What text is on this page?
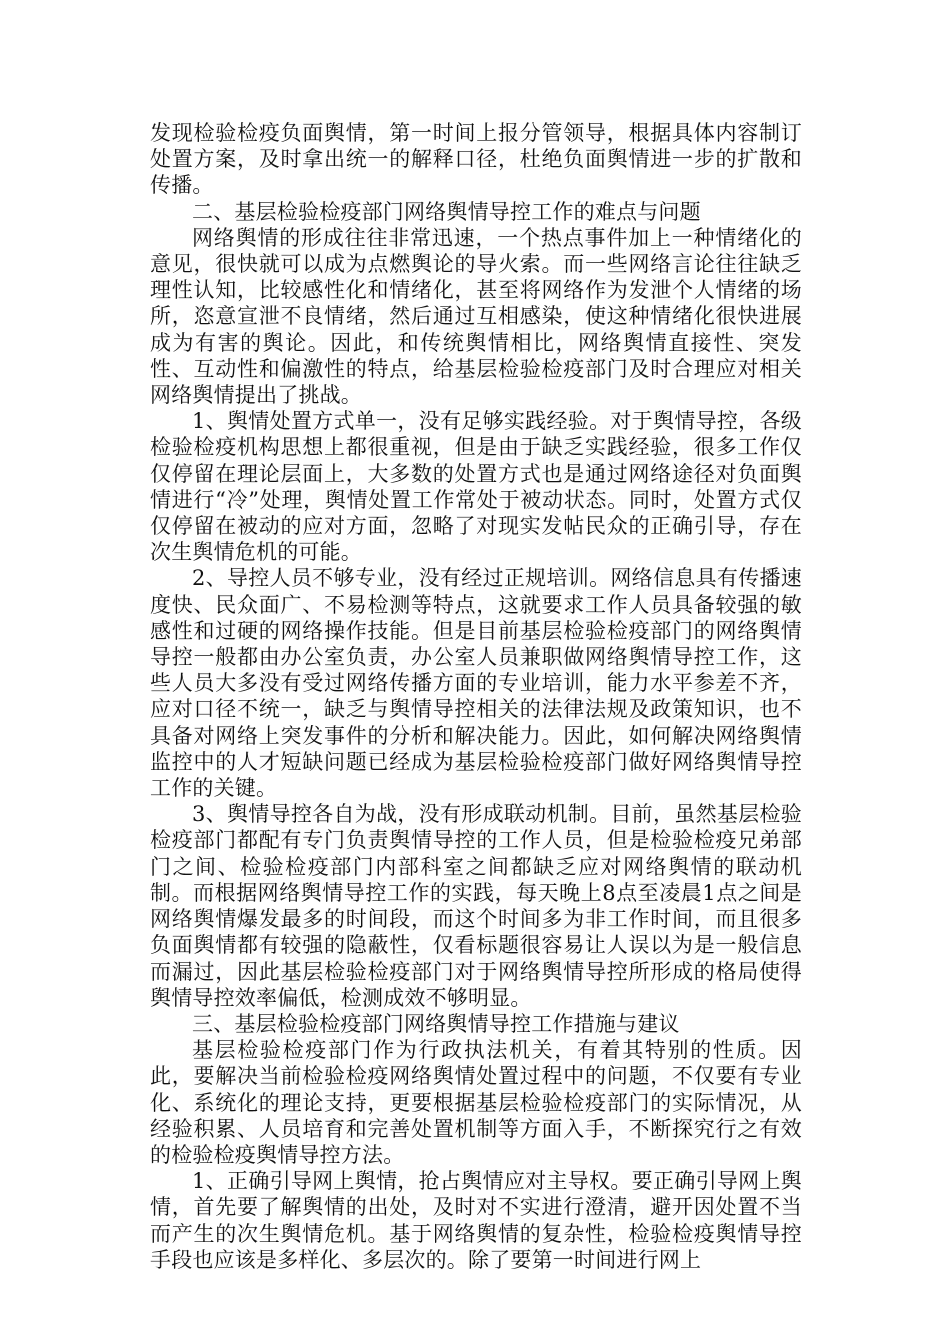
发现检验检疫负面舆情，第一时间上报分管领导，根据具体内容制订处置方案，及时拿出统一的解释口径，杜绝负面舆情进一步的扩散和传播。

二、基层检验检疫部门网络舆情导控工作的难点与问题

网络舆情的形成往往非常迅速，一个热点事件加上一种情绪化的意见，很快就可以成为点燃舆论的导火索。而一些网络言论往往缺乏理性认知，比较感性化和情绪化，甚至将网络作为发泄个人情绪的场所，恣意宣泄不良情绪，然后通过互相感染，使这种情绪化很快进展成为有害的舆论。因此，和传统舆情相比，网络舆情直接性、突发性、互动性和偏激性的特点，给基层检验检疫部门及时合理应对相关网络舆情提出了挑战。

1、舆情处置方式单一，没有足够实践经验。对于舆情导控，各级检验检疫机构思想上都很重视，但是由于缺乏实践经验，很多工作仅仅停留在理论层面上，大多数的处置方式也是通过网络途径对负面舆情进行“冷”处理，舆情处置工作常处于被动状态。同时，处置方式仅仅停留在被动的应对方面，忽略了对现实发帖民众的正确引导，存在次生舆情危机的可能。

2、导控人员不够专业，没有经过正规培训。网络信息具有传播速度快、民众面广、不易检测等特点，这就要求工作人员具备较强的敏感性和过硬的网络操作技能。但是目前基层检验检疫部门的网络舆情导控一般都由办公室负责，办公室人员兼职做网络舆情导控工作，这些人员大多没有受过网络传播方面的专业培训，能力水平参差不齐，应对口径不统一，缺乏与舆情导控相关的法律法规及政策知识，也不具备对网络上突发事件的分析和解决能力。因此，如何解决网络舆情监控中的人才短缺问题已经成为基层检验检疫部门做好网络舆情导控工作的关键。

3、舆情导控各自为战，没有形成联动机制。目前，虽然基层检验检疫部门都配有专门负责舆情导控的工作人员，但是检验检疫兄弟部门之间、检验检疫部门内部科室之间都缺乏应对网络舆情的联动机制。而根据网络舆情导控工作的实践，每天晚上8点至凌晨1点之间是网络舆情爆发最多的时间段，而这个时间多为非工作时间，而且很多负面舆情都有较强的隐蔽性，仅看标题很容易让人误以为是一般信息而漏过，因此基层检验检疫部门对于网络舆情导控所形成的格局使得舆情导控效率偏低，检测成效不够明显。

三、基层检验检疫部门网络舆情导控工作措施与建议

基层检验检疫部门作为行政执法机关，有着其特别的性质。因此，要解决当前检验检疫网络舆情处置过程中的问题，不仅要有专业化、系统化的理论支持，更要根据基层检验检疫部门的实际情况，从经验积累、人员培育和完善处置机制等方面入手，不断探究行之有效的检验检疫舆情导控方法。

1、正确引导网上舆情，抢占舆情应对主导权。要正确引导网上舆情，首先要了解舆情的出处，及时对不实进行澄清，避开因处置不当而产生的次生舆情危机。基于网络舆情的复杂性，检验检疫舆情导控手段也应该是多样化、多层次的。除了要第一时间进行网上
